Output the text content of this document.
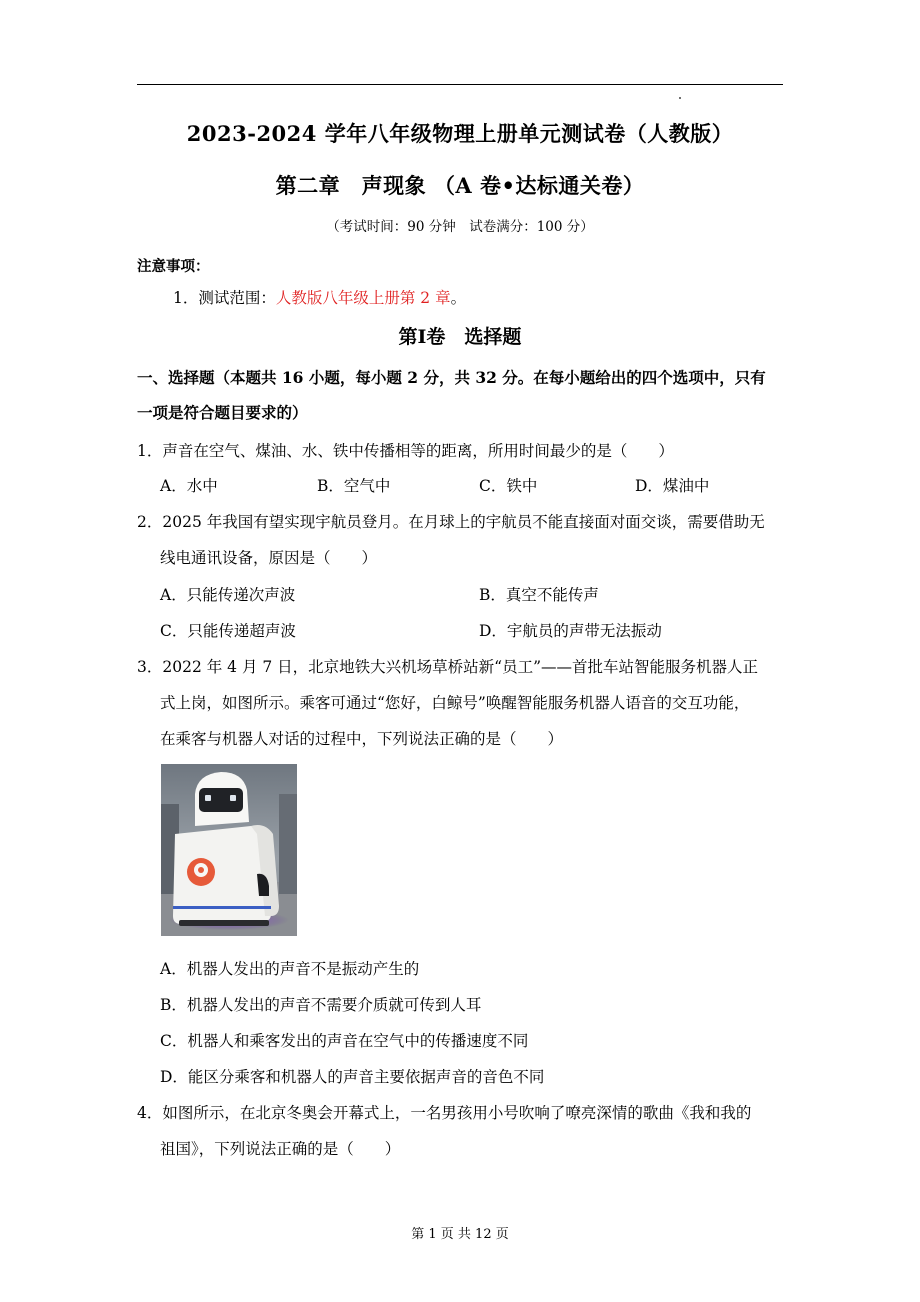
2023-2024 学年八年级物理上册单元测试卷（人教版）
第二章　声现象 （A 卷•达标通关卷）
（考试时间：90 分钟　试卷满分：100 分）
注意事项：
1．测试范围：人教版八年级上册第 2 章。
第Ⅰ卷　选择题
一、选择题（本题共 16 小题，每小题 2 分，共 32 分。在每小题给出的四个选项中，只有
一项是符合题目要求的）
1．声音在空气、煤油、水、铁中传播相等的距离，所用时间最少的是（　　）
A．水中	B．空气中	C．铁中	D．煤油中
2．2025 年我国有望实现宇航员登月。在月球上的宇航员不能直接面对面交谈，需要借助无
线电通讯设备，原因是（　　）
A．只能传递次声波	B．真空不能传声
C．只能传递超声波	D．宇航员的声带无法振动
3．2022 年 4 月 7 日，北京地铁大兴机场草桥站新“员工”——首批车站智能服务机器人正
式上岗，如图所示。乘客可通过“您好，白鲸号”唤醒智能服务机器人语音的交互功能，
在乘客与机器人对话的过程中，下列说法正确的是（　　）
A．机器人发出的声音不是振动产生的
B．机器人发出的声音不需要介质就可传到人耳
C．机器人和乘客发出的声音在空气中的传播速度不同
D．能区分乘客和机器人的声音主要依据声音的音色不同
4．如图所示，在北京冬奥会开幕式上，一名男孩用小号吹响了嘹亮深情的歌曲《我和我的
祖国》，下列说法正确的是（　　）
第 1 页 共 12 页
